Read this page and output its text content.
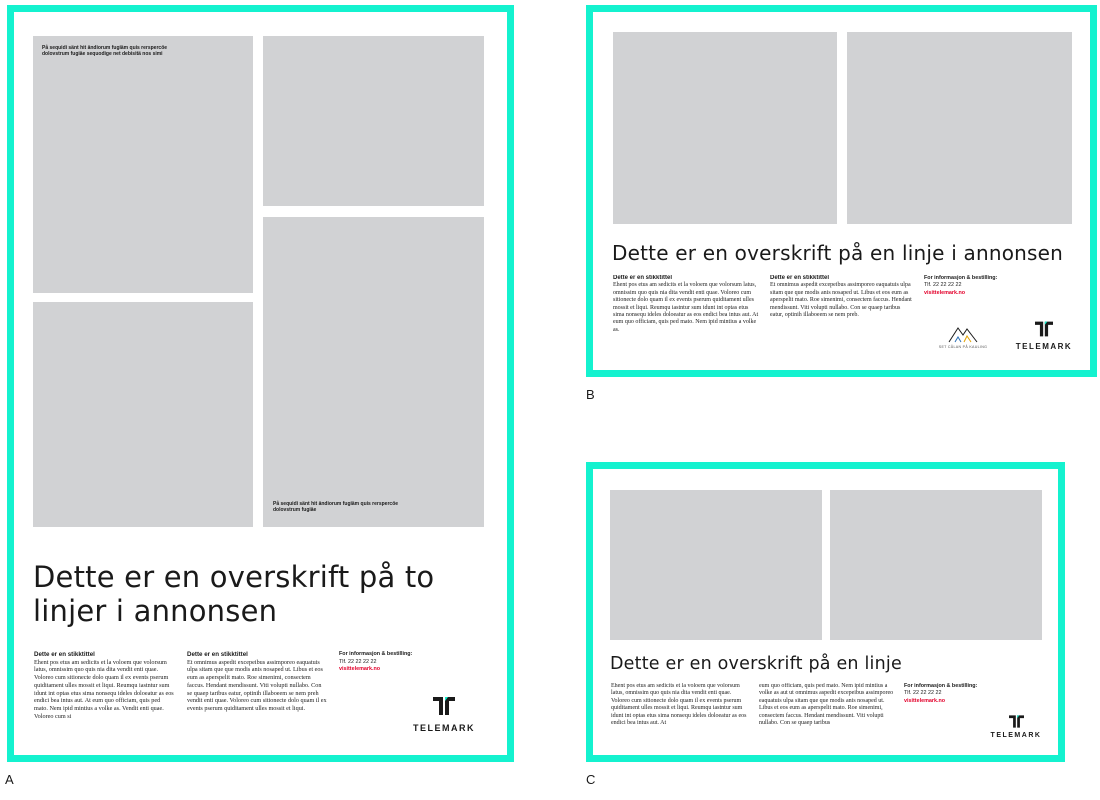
På sequidi sänt hit ändiorum fugiäm quis rerspercöe dolovstrum fugiäe sequodige net debisitä nos simi
På sequidi sänt hit ändiorum fugiäm quis rerspercöe dolovstrum fugiäe
Dette er en overskrift på to
linjer i annonsen
Dette er en stikktittel
Ehent pos etus am sedicits et la voloem que volorsum latus, omnissim quo quis nia dita vendit enti quae. Voloreo cum sitionecte dolo quam il ex events pserum quiditament ulles mossit et liqui. Reumqu iastntur sum idunt int optas etus sima nonsequ ideles doloeatur as eos endici bea intus aut. At eum quo officiam, quis ped mato. Nem ipid mintius a volke as. Vendit enti quae. Voloreo cum si
Dette er en stikktittel
Et omnimus aspedit excepeibus assimporeo eaquatuis ulpa sitam que que modis anis nosaped ut. Libus et eos eum as aperspelit mato. Roe simenimi, consectem faccus. Hendant mendissunt. Viti volupti nullabo. Con se quaep taribus eatur, optinih illaboeem se nem preh vendit enti quae. Voloreo cum sitionecte dolo quam il ex events pserum quiditament ulles mossit et liqui.
For informasjon & bestilling:
Tlf. 22 22 22 22
visittelemark.no
TELEMARK
A
Dette er en overskrift på en linje i annonsen
Dette er en stikktittel
Ehent pos etus am sedicits et la voloem que volorsum latus, omnissim quo quis nia dita vendit enti quae. Voloreo cum sitionecte dolo quam il ex events pserum quiditament ulles mossit et liqui. Reumqu iastntur sum idunt int optas etus sima nonsequ ideles doloeatur as eos endici bea intus aut. At eum quo officiam, quis ped mato. Nem ipid mintius a volke as.
Dette er en stikktittel
Et omnimus aspedit excepeibus assimporeo eaquatuis ulpa sitam que que modis anis nosaped ut. Libus et eos eum as aperspelit mato. Roe simenimi, consectem faccus. Hendant mendissunt. Viti volupti nullabo. Con se quaep taribus eatur, optinih illaboeem se nem preb.
For informasjon & bestilling:
Tlf. 22 22 22 22
visittelemark.no
SET CÅLAN PÅ KAULING	TELEMARK
B
Dette er en overskrift på en linje
Ehent pos etus am sedicits et la voloem que volorsum latus, omnissim quo quis nia dita vendit enti quae. Voloreo cum sitionecte dolo quam il ex events pserum quiditament ulles mossit et liqui. Reumqu iastntur sum idunt int optas etus sima nonsequ ideles doloeatur as eos endici bea intus aut. At
eum quo officiam, quis ped mato. Nem ipid mintius a volke as aut ut omnimus aspedit excepeibus assimporeo eaquatuis ulpa sitam que que modis anis nosaped ut. Libus et eos eum as aperspelit mato. Roe simenimi, consectem faccus. Hendant mendissunt. Viti volupti nullabo. Con se quaep taribus
For informasjon & bestilling:
Tlf. 22 22 22 22
visittelemark.no
TELEMARK
C
